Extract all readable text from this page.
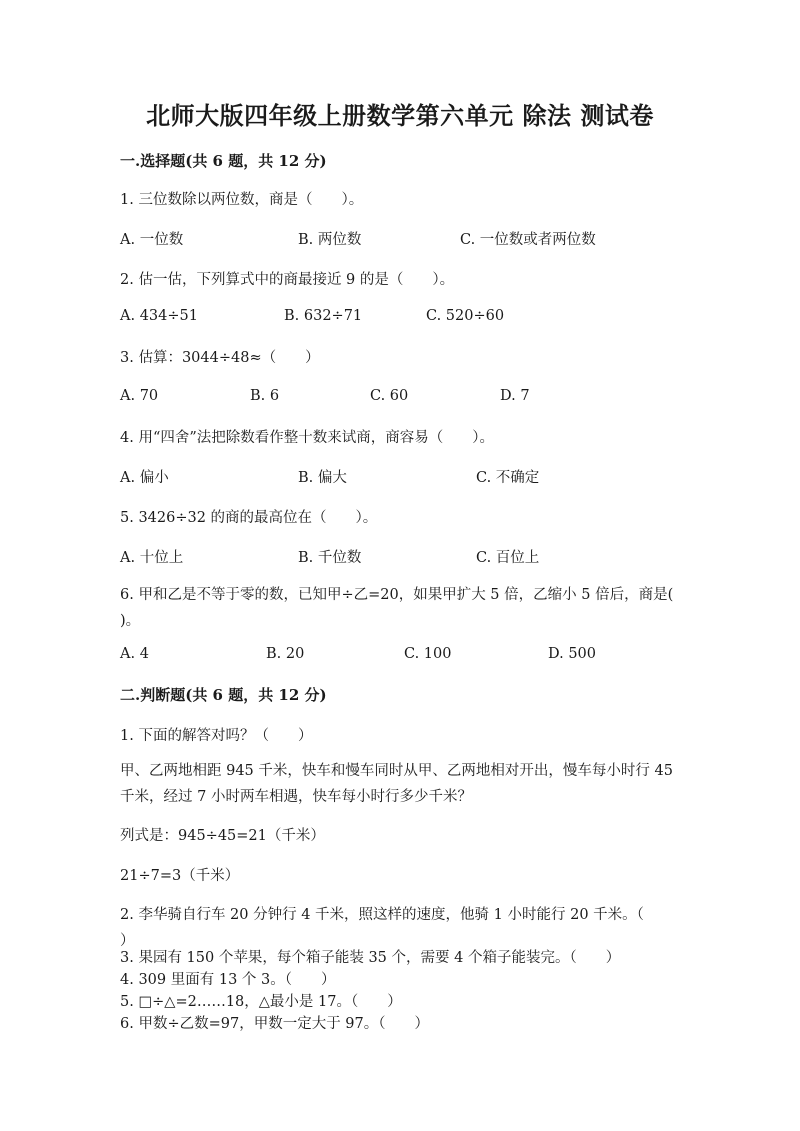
北师大版四年级上册数学第六单元 除法 测试卷
一.选择题(共 6 题，共 12 分)
1. 三位数除以两位数，商是（　　）。
A. 一位数	B. 两位数	C. 一位数或者两位数
2. 估一估，下列算式中的商最接近 9 的是（　　）。
A. 434÷51	B. 632÷71	C. 520÷60
3. 估算：3044÷48≈（　　）
A. 70	B. 6	C. 60	D. 7
4. 用“四舍”法把除数看作整十数来试商，商容易（　　）。
A. 偏小	B. 偏大	C. 不确定
5. 3426÷32 的商的最高位在（　　）。
A. 十位上	B. 千位数	C. 百位上
6. 甲和乙是不等于零的数，已知甲÷乙=20，如果甲扩大 5 倍，乙缩小 5 倍后，商是(　　　)。
A. 4	B. 20	C. 100	D. 500
二.判断题(共 6 题，共 12 分)
1. 下面的解答对吗？（　　）
甲、乙两地相距 945 千米，快车和慢车同时从甲、乙两地相对开出，慢车每小时行 45 千米，经过 7 小时两车相遇，快车每小时行多少千米？
列式是：945÷45=21（千米）
21÷7=3（千米）
2. 李华骑自行车 20 分钟行 4 千米，照这样的速度，他骑 1 小时能行 20 千米。（　　）
3. 果园有 150 个苹果，每个箱子能装 35 个，需要 4 个箱子能装完。（　　）
4. 309 里面有 13 个 3。（　　）
5. □÷△=2……18，△最小是 17。（　　）
6. 甲数÷乙数=97，甲数一定大于 97。（　　）
